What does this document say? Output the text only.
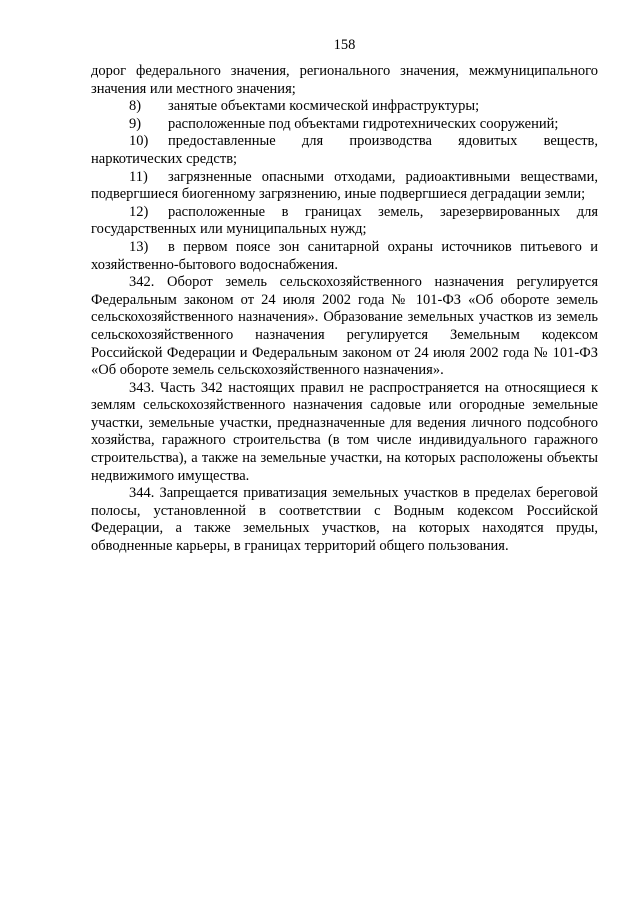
158

дорог федерального значения, регионального значения, межмуниципального значения или местного значения;

8) занятые объектами космической инфраструктуры;

9) расположенные под объектами гидротехнических сооружений;

10) предоставленные для производства ядовитых веществ, наркотических средств;

11) загрязненные опасными отходами, радиоактивными веществами, подвергшиеся биогенному загрязнению, иные подвергшиеся деградации земли;

12) расположенные в границах земель, зарезервированных для государственных или муниципальных нужд;

13) в первом поясе зон санитарной охраны источников питьевого и хозяйственно-бытового водоснабжения.

342. Оборот земель сельскохозяйственного назначения регулируется Федеральным законом от 24 июля 2002 года № 101-ФЗ «Об обороте земель сельскохозяйственного назначения». Образование земельных участков из земель сельскохозяйственного назначения регулируется Земельным кодексом Российской Федерации и Федеральным законом от 24 июля 2002 года № 101-ФЗ «Об обороте земель сельскохозяйственного назначения».

343. Часть 342 настоящих правил не распространяется на относящиеся к землям сельскохозяйственного назначения садовые или огородные земельные участки, земельные участки, предназначенные для ведения личного подсобного хозяйства, гаражного строительства (в том числе индивидуального гаражного строительства), а также на земельные участки, на которых расположены объекты недвижимого имущества.

344. Запрещается приватизация земельных участков в пределах береговой полосы, установленной в соответствии с Водным кодексом Российской Федерации, а также земельных участков, на которых находятся пруды, обводненные карьеры, в границах территорий общего пользования.
